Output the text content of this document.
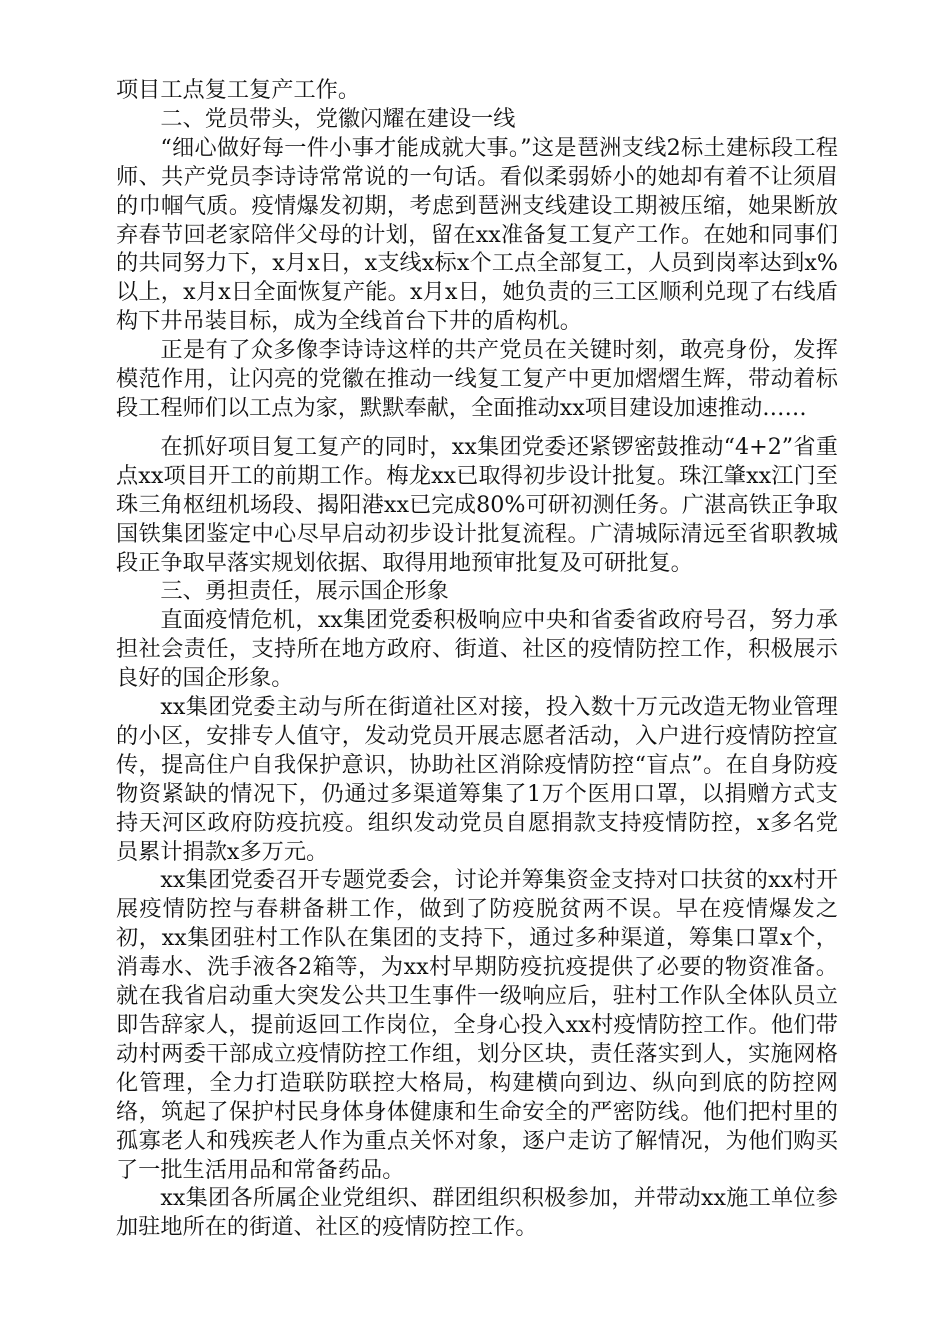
项目工点复工复产工作。

二、党员带头，党徽闪耀在建设一线

“细心做好每一件小事才能成就大事。”这是琶洲支线2标土建标段工程师、共产党员李诗诗常常说的一句话。看似柔弱娇小的她却有着不让须眉的巾帼气质。疫情爆发初期，考虑到琶洲支线建设工期被压缩，她果断放弃春节回老家陪伴父母的计划，留在xx准备复工复产工作。在她和同事们的共同努力下，x月x日，x支线x标x个工点全部复工，人员到岗率达到x%以上，x月x日全面恢复产能。x月x日，她负责的三工区顺利兑现了右线盾构下井吊装目标，成为全线首台下井的盾构机。

正是有了众多像李诗诗这样的共产党员在关键时刻，敢亮身份，发挥模范作用，让闪亮的党徽在推动一线复工复产中更加熠熠生辉，带动着标段工程师们以工点为家，默默奉献，全面推动xx项目建设加速推动……

在抓好项目复工复产的同时，xx集团党委还紧锣密鼓推动“4+2”省重点xx项目开工的前期工作。梅龙xx已取得初步设计批复。珠江肇xx江门至珠三角枢纽机场段、揭阳港xx已完成80%可研初测任务。广湛高铁正争取国铁集团鉴定中心尽早启动初步设计批复流程。广清城际清远至省职教城段正争取早落实规划依据、取得用地预审批复及可研批复。

三、勇担责任，展示国企形象

直面疫情危机，xx集团党委积极响应中央和省委省政府号召，努力承担社会责任，支持所在地方政府、街道、社区的疫情防控工作，积极展示良好的国企形象。

xx集团党委主动与所在街道社区对接，投入数十万元改造无物业管理的小区，安排专人值守，发动党员开展志愿者活动，入户进行疫情防控宣传，提高住户自我保护意识，协助社区消除疫情防控“盲点”。在自身防疫物资紧缺的情况下，仍通过多渠道筹集了1万个医用口罩，以捐赠方式支持天河区政府防疫抗疫。组织发动党员自愿捐款支持疫情防控，x多名党员累计捐款x多万元。

xx集团党委召开专题党委会，讨论并筹集资金支持对口扶贫的xx村开展疫情防控与春耕备耕工作，做到了防疫脱贫两不误。早在疫情爆发之初，xx集团驻村工作队在集团的支持下，通过多种渠道，筹集口罩x个，消毒水、洗手液各2箱等，为xx村早期防疫抗疫提供了必要的物资准备。就在我省启动重大突发公共卫生事件一级响应后，驻村工作队全体队员立即告辞家人，提前返回工作岗位，全身心投入xx村疫情防控工作。他们带动村两委干部成立疫情防控工作组，划分区块，责任落实到人，实施网格化管理，全力打造联防联控大格局，构建横向到边、纵向到底的防控网络，筑起了保护村民身体身体健康和生命安全的严密防线。他们把村里的孤寡老人和残疾老人作为重点关怀对象，逐户走访了解情况，为他们购买了一批生活用品和常备药品。

xx集团各所属企业党组织、群团组织积极参加，并带动xx施工单位参加驻地所在的街道、社区的疫情防控工作。
